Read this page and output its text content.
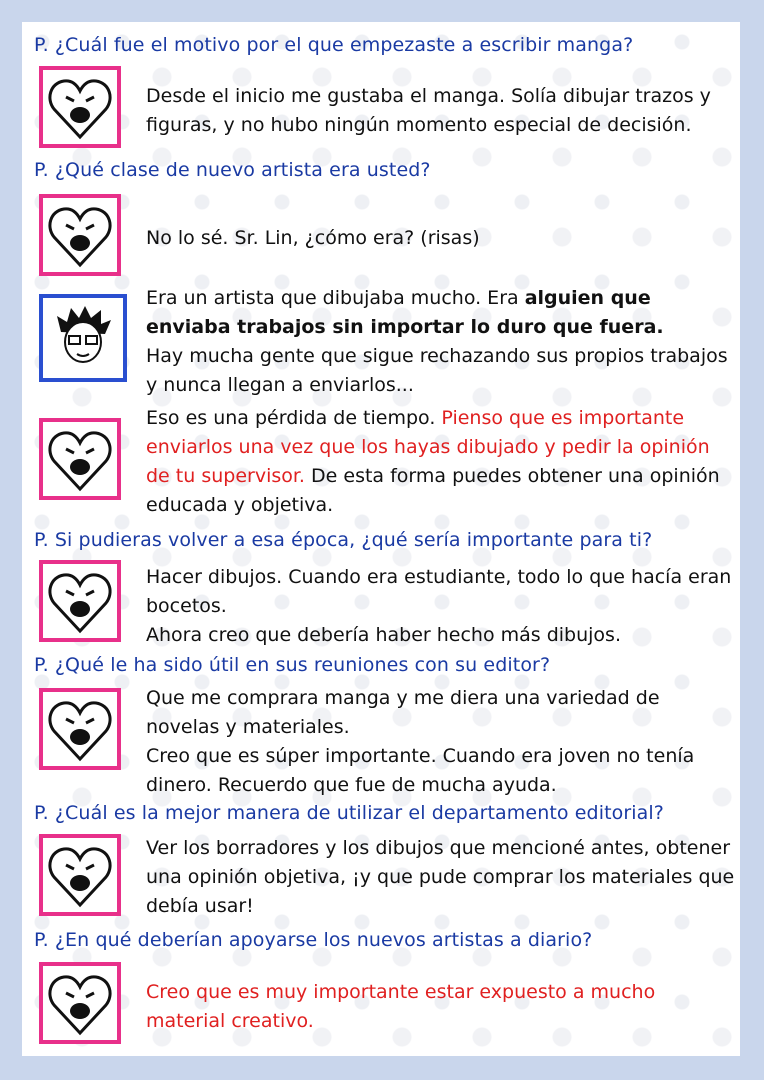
P. ¿Cuál fue el motivo por el que empezaste a escribir manga?
Desde el inicio me gustaba el manga. Solía dibujar trazos y figuras, y no hubo ningún momento especial de decisión.
P. ¿Qué clase de nuevo artista era usted?
No lo sé. Sr. Lin, ¿cómo era? (risas)
Era un artista que dibujaba mucho. Era alguien que enviaba trabajos sin importar lo duro que fuera.
Hay mucha gente que sigue rechazando sus propios trabajos y nunca llegan a enviarlos...
Eso es una pérdida de tiempo. Pienso que es importante enviarlos una vez que los hayas dibujado y pedir la opinión de tu supervisor. De esta forma puedes obtener una opinión educada y objetiva.
P. Si pudieras volver a esa época, ¿qué sería importante para ti?
Hacer dibujos. Cuando era estudiante, todo lo que hacía eran bocetos.
Ahora creo que debería haber hecho más dibujos.
P. ¿Qué le ha sido útil en sus reuniones con su editor?
Que me comprara manga y me diera una variedad de novelas y materiales.
Creo que es súper importante. Cuando era joven no tenía dinero. Recuerdo que fue de mucha ayuda.
P. ¿Cuál es la mejor manera de utilizar el departamento editorial?
Ver los borradores y los dibujos que mencioné antes, obtener una opinión objetiva, ¡y que pude comprar los materiales que debía usar!
P. ¿En qué deberían apoyarse los nuevos artistas a diario?
Creo que es muy importante estar expuesto a mucho material creativo.
